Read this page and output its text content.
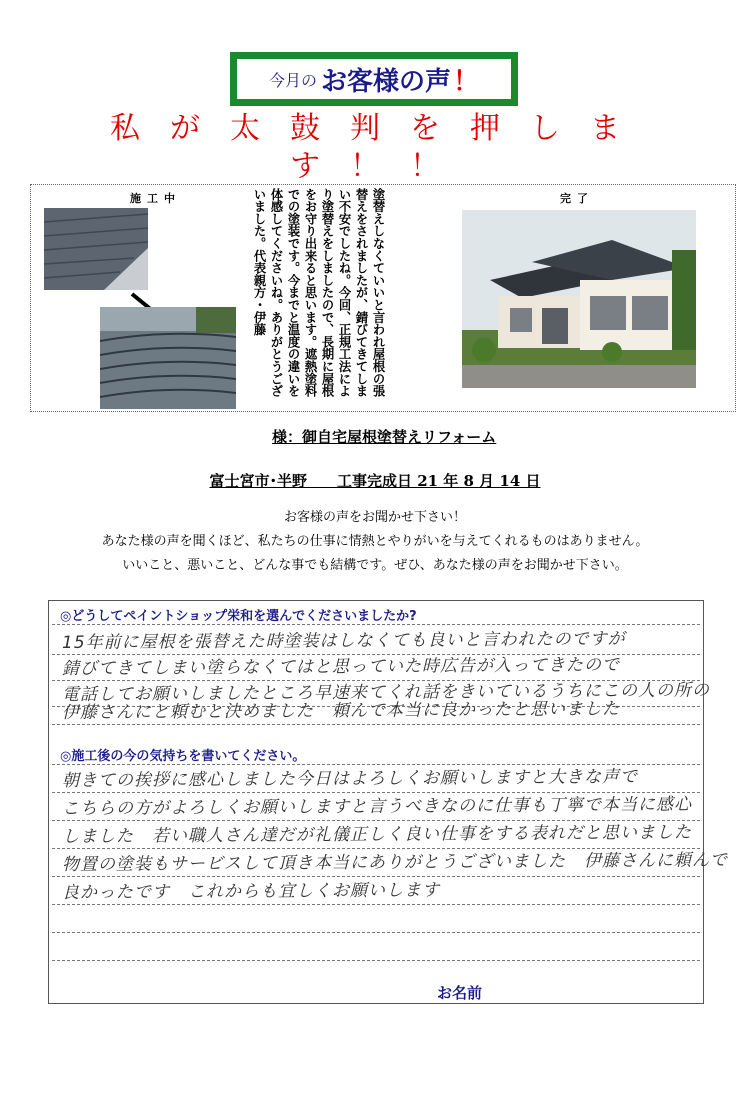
今月の お客様の声 ！
私が太鼓判を押します！！
施工中	完了
塗替えしなくていいと言われ屋根の張替えをされましたが、錆びてきてしまい不安でしたね。今回、正規工法により塗替えをしましたので、長期に屋根をお守り出来ると思います。遮熱塗料での塗装です。今までと温度の違いを体感してくださいね。ありがとうございました。代表親方・伊藤
様：御自宅屋根塗替えリフォーム
富士宮市･半野　　工事完成日 21 年 8 月 14 日
お客様の声をお聞かせ下さい！
あなた様の声を聞くほど、私たちの仕事に情熱とやりがいを与えてくれるものはありません。
いいこと、悪いこと、どんな事でも結構です。ぜひ、あなた様の声をお聞かせ下さい。
◎どうしてペイントショップ栄和を選んでくださいましたか?
15年前に屋根を張替えた時塗装はしなくても良いと言われたのですが
錆びてきてしまい塗らなくてはと思っていた時広告が入ってきたので
電話してお願いしましたところ早速来てくれ話をきいているうちにこの人の所の
伊藤さんにと頼むと決めました　頼んで本当に良かったと思いました
◎施工後の今の気持ちを書いてください。
朝きての挨拶に感心しました今日はよろしくお願いしますと大きな声で
こちらの方がよろしくお願いしますと言うべきなのに仕事も丁寧で本当に感心
しました　若い職人さん達だが礼儀正しく良い仕事をする表れだと思いました
物置の塗装もサービスして頂き本当にありがとうございました　伊藤さんに頼んで
良かったです　これからも宜しくお願いします
お名前
